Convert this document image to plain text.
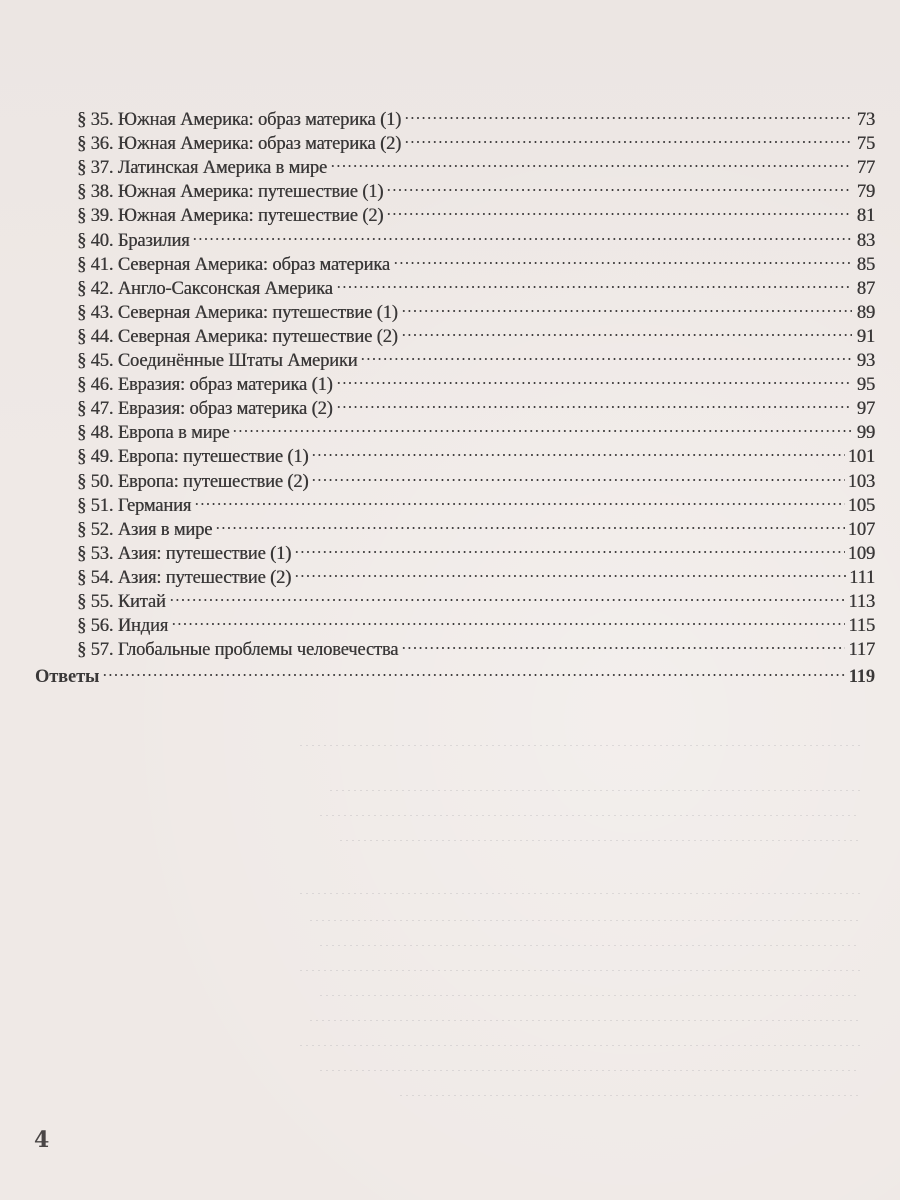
§ 35. Южная Америка: образ материка (1)	73
§ 36. Южная Америка: образ материка (2)	75
§ 37. Латинская Америка в мире	77
§ 38. Южная Америка: путешествие (1)	79
§ 39. Южная Америка: путешествие (2)	81
§ 40. Бразилия	83
§ 41. Северная Америка: образ материка	85
§ 42. Англо-Саксонская Америка	87
§ 43. Северная Америка: путешествие (1)	89
§ 44. Северная Америка: путешествие (2)	91
§ 45. Соединённые Штаты Америки	93
§ 46. Евразия: образ материка (1)	95
§ 47. Евразия: образ материка (2)	97
§ 48. Европа в мире	99
§ 49. Европа: путешествие (1)	101
§ 50. Европа: путешествие (2)	103
§ 51. Германия	105
§ 52. Азия в мире	107
§ 53. Азия: путешествие (1)	109
§ 54. Азия: путешествие (2)	111
§ 55. Китай	113
§ 56. Индия	115
§ 57. Глобальные проблемы человечества	117
Ответы	119
4
